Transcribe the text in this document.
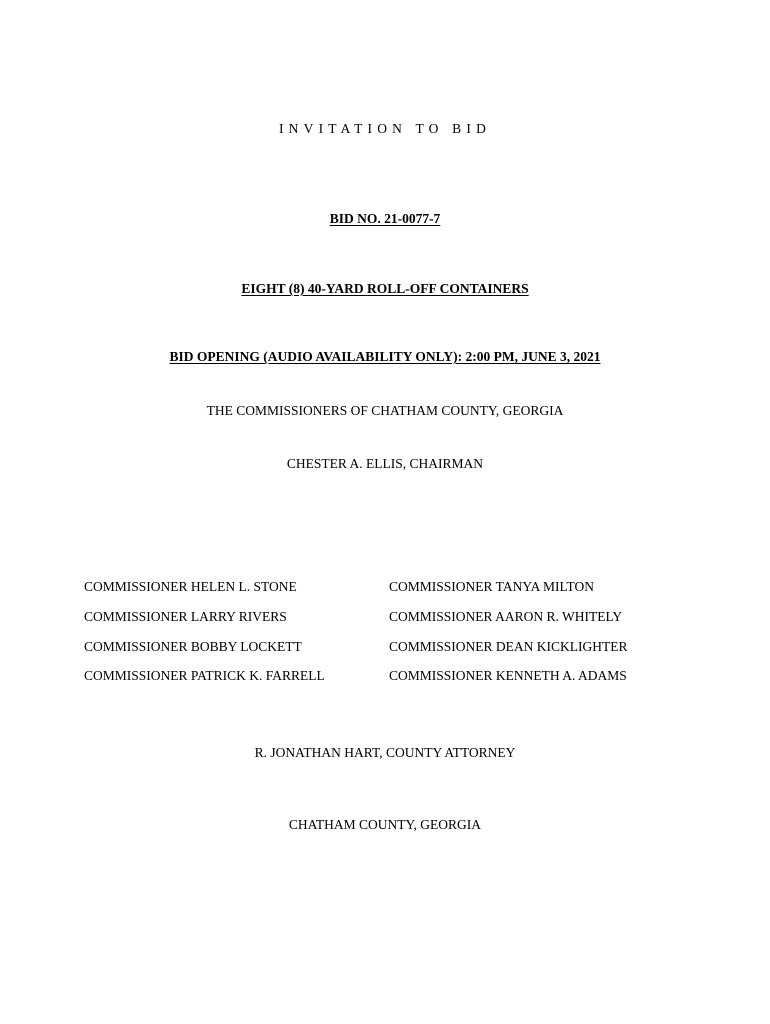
INVITATION TO BID
BID NO. 21-0077-7
EIGHT (8) 40-YARD ROLL-OFF CONTAINERS
BID OPENING (AUDIO AVAILABILITY ONLY): 2:00 PM, JUNE 3, 2021
THE COMMISSIONERS OF CHATHAM COUNTY, GEORGIA
CHESTER A. ELLIS, CHAIRMAN
COMMISSIONER HELEN L. STONE	COMMISSIONER TANYA MILTON
COMMISSIONER LARRY RIVERS	COMMISSIONER AARON R. WHITELY
COMMISSIONER BOBBY LOCKETT	COMMISSIONER DEAN KICKLIGHTER
COMMISSIONER PATRICK K. FARRELL	COMMISSIONER KENNETH A. ADAMS
R. JONATHAN HART, COUNTY ATTORNEY
CHATHAM COUNTY, GEORGIA
